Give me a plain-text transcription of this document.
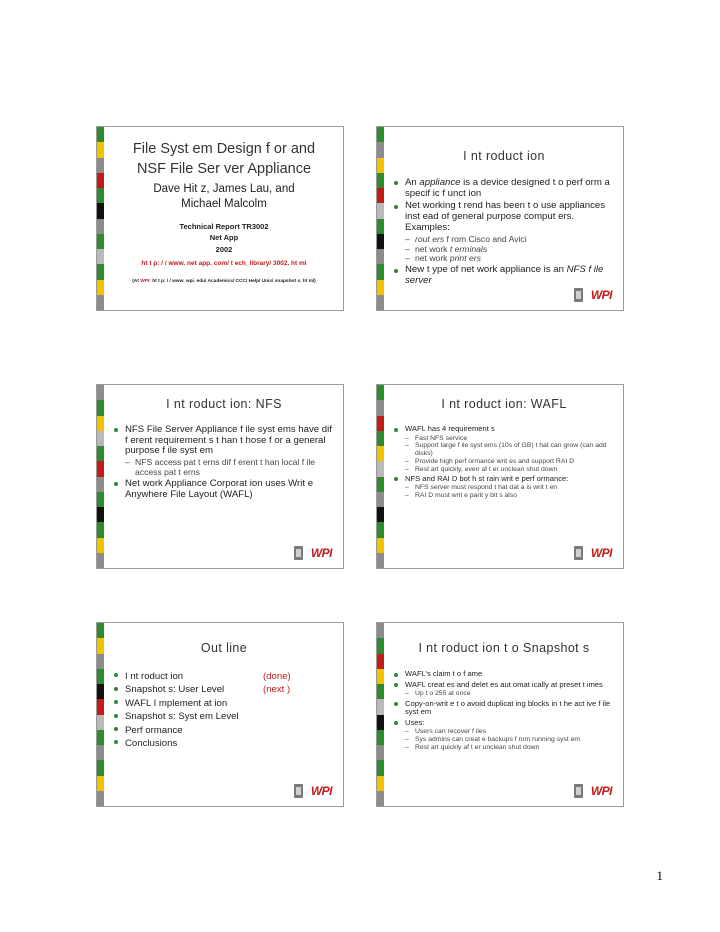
File Syst em Design f or and
NSF File Ser ver Appliance
Dave Hit z, James Lau, and
Michael Malcolm
Technical Report TR3002
Net App
2002
ht t p: / / www. net app. com/ t ech_library/ 3002. ht ml
(At WPI: ht t p: / / www. wpi. edu/ Academics/ CCC/ Help/ Unix/ snapshot s. ht ml)
I nt roduct ion
An appliance is a device designed t o perf orm a specif ic f unct ion
Net working t rend has been t o use appliances inst ead of general purpose comput ers. Examples:
– rout ers f rom Cisco and Avici
– net work t erminals
– net work print ers
New t ype of net work appliance is an NFS f ile server
WPI
I nt roduct ion: NFS
NFS File Server Appliance f ile syst ems have dif f erent requirement s t han t hose f or a general purpose f ile syst em
– NFS access pat t erns dif f erent t han local f ile access pat t erns
Net work Appliance Corporat ion uses Writ e Anywhere File Layout (WAFL)
WPI
I nt roduct ion: WAFL
WAFL has 4 requirement s
– Fast NFS service
– Support large f ile syst ems (10s of GB) t hat can grow (can add disks)
– Provide high perf ormance writ es and support RAI D
– Rest art quickly, even af t er unclean shut down
NFS and RAI D bot h st rain writ e perf ormance:
– NFS server must respond t hat dat a is writ t en
– RAI D must writ e parit y bit s also
WPI
Out line
I nt roduct ion	(done)
Snapshot s: User Level	(next )
WAFL I mplement at ion
Snapshot s: Syst em Level
Perf ormance
Conclusions
WPI
I nt roduct ion t o Snapshot s
WAFL’s claim t o f ame
WAFL creat es and delet es aut omat ically at preset t imes
– Up t o 255 at once
Copy-on-writ e t o avoid duplicat ing blocks in t he act ive f ile syst em
Uses:
– Users can recover f iles
– Sys admins can creat e backups f rom running syst em
– Rest art quickly af t er unclean shut down
WPI
1
